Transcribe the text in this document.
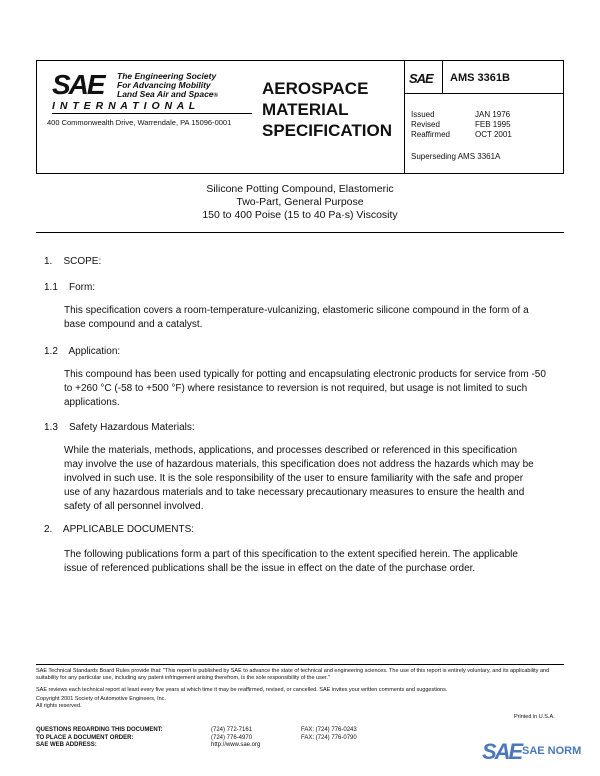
SAE The Engineering Society
For Advancing Mobility
Land Sea Air and Space®
I N T E R N A T I O N A L
400 Commonwealth Drive, Warrendale, PA 15096-0001
AEROSPACE
MATERIAL
SPECIFICATION
SAE AMS 3361B
Issued	JAN 1976
Revised	FEB 1995
Reaffirmed	OCT 2001
Superseding AMS 3361A
Silicone Potting Compound, Elastomeric
Two-Part, General Purpose
150 to 400 Poise (15 to 40 Pa·s) Viscosity
1.    SCOPE:
1.1    Form:
This specification covers a room-temperature-vulcanizing, elastomeric silicone compound in the form of a base compound and a catalyst.
1.2    Application:
This compound has been used typically for potting and encapsulating electronic products for service from -50 to +260 °C (-58 to +500 °F) where resistance to reversion is not required, but usage is not limited to such applications.
1.3    Safety Hazardous Materials:
While the materials, methods, applications, and processes described or referenced in this specification may involve the use of hazardous materials, this specification does not address the hazards which may be involved in such use. It is the sole responsibility of the user to ensure familiarity with the safe and proper use of any hazardous materials and to take necessary precautionary measures to ensure the health and safety of all personnel involved.
2.    APPLICABLE DOCUMENTS:
The following publications form a part of this specification to the extent specified herein. The applicable issue of referenced publications shall be the issue in effect on the date of the purchase order.
SAE Technical Standards Board Rules provide that: "This report is published by SAE to advance the state of technical and engineering sciences. The use of this report is entirely voluntary, and its applicability and suitability for any particular use, including any patent infringement arising therefrom, is the sole responsibility of the user."
SAE reviews each technical report at least every five years at which time it may be reaffirmed, revised, or cancelled. SAE invites your written comments and suggestions.
Copyright 2001 Society of Automotive Engineers, Inc.
All rights reserved.
Printed in U.S.A.
QUESTIONS REGARDING THIS DOCUMENT:	(724) 772-7161	FAX: (724) 776-0243
TO PLACE A DOCUMENT ORDER:	(724) 776-4970	FAX: (724) 776-0790
SAE WEB ADDRESS:	http://www.sae.org	SAE SAE NORM
